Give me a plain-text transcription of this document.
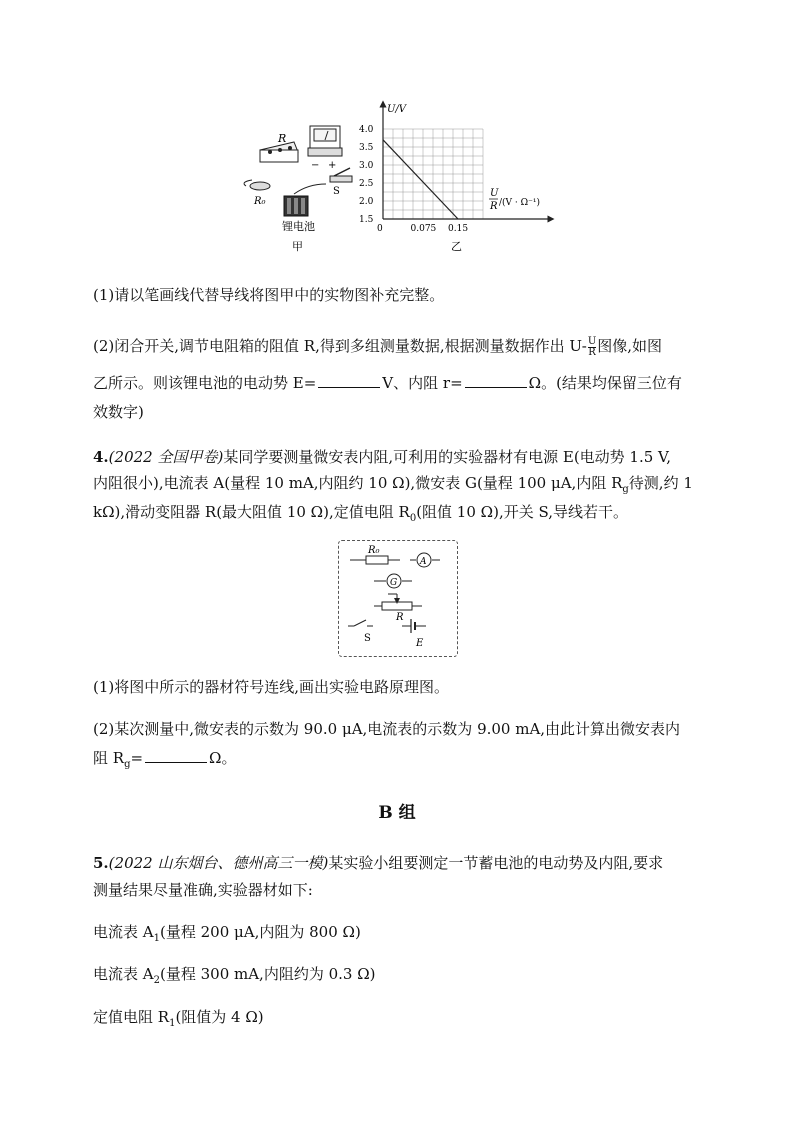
R
− +
S
R₀
锂电池
甲
U/V
4.0
3.5
3.0
2.5
2.0
1.5
0	0.075 0.15
U
R /(V · Ω⁻¹)
乙
(1)请以笔画线代替导线将图甲中的实物图补充完整。
(2)闭合开关,调节电阻箱的阻值 R,得到多组测量数据,根据测量数据作出 $U- \frac{U}{R}$ 图像,如图
乙所示。则该锂电池的电动势 E=	V、内阻 r=	Ω。(结果均保留三位有
效数字)
4.(2022 全国甲卷)某同学要测量微安表内阻,可利用的实验器材有电源 E(电动势 1.5 V,
内阻很小),电流表 A(量程 10 mA,内阻约 10 Ω),微安表 G(量程 100 μA,内阻 $R_g$待测,约 1
kΩ),滑动变阻器 R(最大阻值 10 Ω),定值电阻 $R_0$(阻值 10 Ω),开关 S,导线若干。
R₀
A
G
R
S	E
(1)将图中所示的器材符号连线,画出实验电路原理图。
(2)某次测量中,微安表的示数为 90.0 μA,电流表的示数为 9.00 mA,由此计算出微安表内
阻 $R_g=$	Ω。
B 组
5.(2022 山东烟台、德州高三一模)某实验小组要测定一节蓄电池的电动势及内阻,要求
测量结果尽量准确,实验器材如下:
电流表 $A_1$(量程 200 μA,内阻为 800 Ω)
电流表 $A_2$(量程 300 mA,内阻约为 0.3 Ω)
定值电阻 $R_1$(阻值为 4 Ω)
